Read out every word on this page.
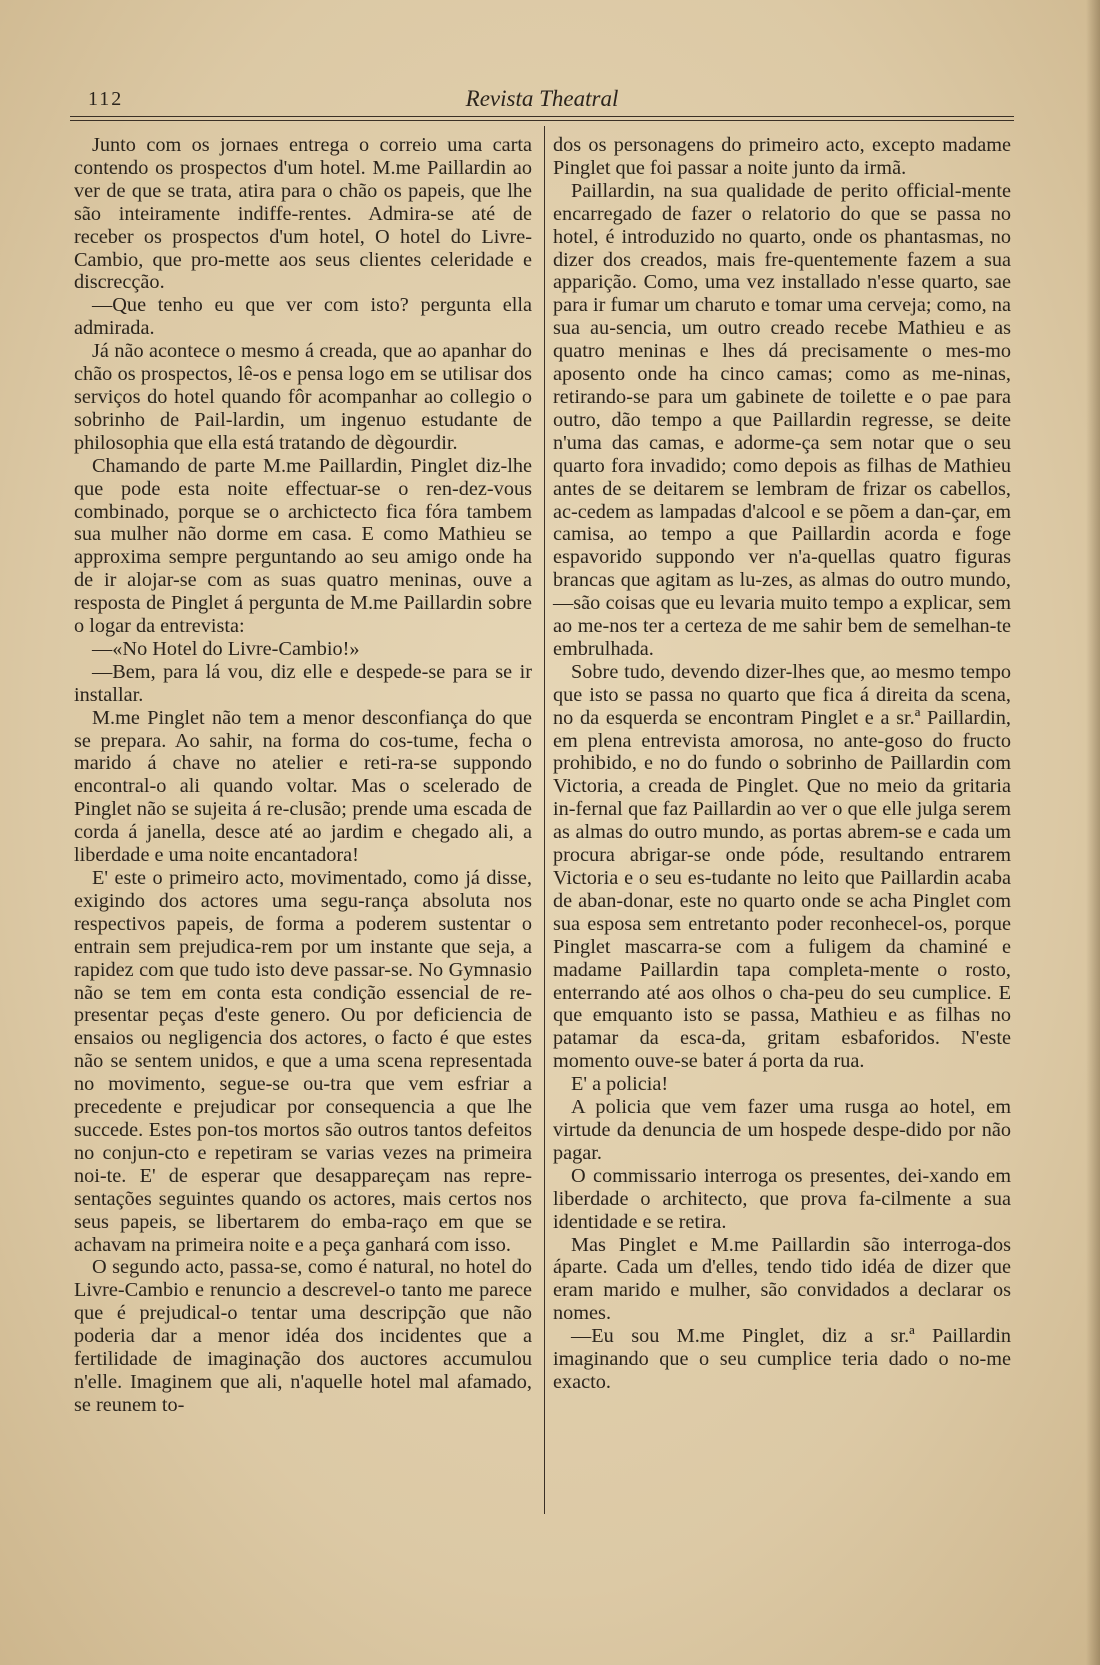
112	Revista Theatral

Junto com os jornaes entrega o correio uma carta contendo os prospectos d'um hotel. M.me Paillardin ao ver de que se trata, atira para o chão os papeis, que lhe são inteiramente indiffe-rentes. Admira-se até de receber os prospectos d'um hotel, O hotel do Livre-Cambio, que pro-mette aos seus clientes celeridade e discrecção.

—Que tenho eu que ver com isto? pergunta ella admirada.

Já não acontece o mesmo á creada, que ao apanhar do chão os prospectos, lê-os e pensa logo em se utilisar dos serviços do hotel quando fôr acompanhar ao collegio o sobrinho de Pail-lardin, um ingenuo estudante de philosophia que ella está tratando de dègourdir.

Chamando de parte M.me Paillardin, Pinglet diz-lhe que pode esta noite effectuar-se o ren-dez-vous combinado, porque se o archictecto fica fóra tambem sua mulher não dorme em casa. E como Mathieu se approxima sempre perguntando ao seu amigo onde ha de ir alojar-se com as suas quatro meninas, ouve a resposta de Pinglet á pergunta de M.me Paillardin sobre o logar da entrevista:

—«No Hotel do Livre-Cambio!»

—Bem, para lá vou, diz elle e despede-se para se ir installar.

M.me Pinglet não tem a menor desconfiança do que se prepara. Ao sahir, na forma do cos-tume, fecha o marido á chave no atelier e reti-ra-se suppondo encontral-o ali quando voltar. Mas o scelerado de Pinglet não se sujeita á re-clusão; prende uma escada de corda á janella, desce até ao jardim e chegado ali, a liberdade e uma noite encantadora!

E' este o primeiro acto, movimentado, como já disse, exigindo dos actores uma segu-rança absoluta nos respectivos papeis, de forma a poderem sustentar o entrain sem prejudica-rem por um instante que seja, a rapidez com que tudo isto deve passar-se. No Gymnasio não se tem em conta esta condição essencial de re-presentar peças d'este genero. Ou por deficiencia de ensaios ou negligencia dos actores, o facto é que estes não se sentem unidos, e que a uma scena representada no movimento, segue-se ou-tra que vem esfriar a precedente e prejudicar por consequencia a que lhe succede. Estes pon-tos mortos são outros tantos defeitos no conjun-cto e repetiram se varias vezes na primeira noi-te. E' de esperar que desappareçam nas repre-sentações seguintes quando os actores, mais certos nos seus papeis, se libertarem do emba-raço em que se achavam na primeira noite e a peça ganhará com isso.

O segundo acto, passa-se, como é natural, no hotel do Livre-Cambio e renuncio a descrevel-o tanto me parece que é prejudical-o tentar uma descripção que não poderia dar a menor idéa dos incidentes que a fertilidade de imaginação dos auctores accumulou n'elle. Imaginem que ali, n'aquelle hotel mal afamado, se reunem to-

dos os personagens do primeiro acto, excepto madame Pinglet que foi passar a noite junto da irmã.

Paillardin, na sua qualidade de perito official-mente encarregado de fazer o relatorio do que se passa no hotel, é introduzido no quarto, onde os phantasmas, no dizer dos creados, mais fre-quentemente fazem a sua apparição. Como, uma vez installado n'esse quarto, sae para ir fumar um charuto e tomar uma cerveja; como, na sua au-sencia, um outro creado recebe Mathieu e as quatro meninas e lhes dá precisamente o mes-mo aposento onde ha cinco camas; como as me-ninas, retirando-se para um gabinete de toilette e o pae para outro, dão tempo a que Paillardin regresse, se deite n'uma das camas, e adorme-ça sem notar que o seu quarto fora invadido; como depois as filhas de Mathieu antes de se deitarem se lembram de frizar os cabellos, ac-cedem as lampadas d'alcool e se põem a dan-çar, em camisa, ao tempo a que Paillardin acorda e foge espavorido suppondo ver n'a-quellas quatro figuras brancas que agitam as lu-zes, as almas do outro mundo,—são coisas que eu levaria muito tempo a explicar, sem ao me-nos ter a certeza de me sahir bem de semelhan-te embrulhada.

Sobre tudo, devendo dizer-lhes que, ao mesmo tempo que isto se passa no quarto que fica á direita da scena, no da esquerda se encontram Pinglet e a sr.ª Paillardin, em plena entrevista amorosa, no ante-goso do fructo prohibido, e no do fundo o sobrinho de Paillardin com Victoria, a creada de Pinglet. Que no meio da gritaria in-fernal que faz Paillardin ao ver o que elle julga serem as almas do outro mundo, as portas abrem-se e cada um procura abrigar-se onde póde, resultando entrarem Victoria e o seu es-tudante no leito que Paillardin acaba de aban-donar, este no quarto onde se acha Pinglet com sua esposa sem entretanto poder reconhecel-os, porque Pinglet mascarra-se com a fuligem da chaminé e madame Paillardin tapa completa-mente o rosto, enterrando até aos olhos o cha-peu do seu cumplice. E que emquanto isto se passa, Mathieu e as filhas no patamar da esca-da, gritam esbaforidos. N'este momento ouve-se bater á porta da rua.

E' a policia!

A policia que vem fazer uma rusga ao hotel, em virtude da denuncia de um hospede despe-dido por não pagar.

O commissario interroga os presentes, dei-xando em liberdade o architecto, que prova fa-cilmente a sua identidade e se retira.

Mas Pinglet e M.me Paillardin são interroga-dos áparte. Cada um d'elles, tendo tido idéa de dizer que eram marido e mulher, são convidados a declarar os nomes.

—Eu sou M.me Pinglet, diz a sr.ª Paillardin imaginando que o seu cumplice teria dado o no-me exacto.
